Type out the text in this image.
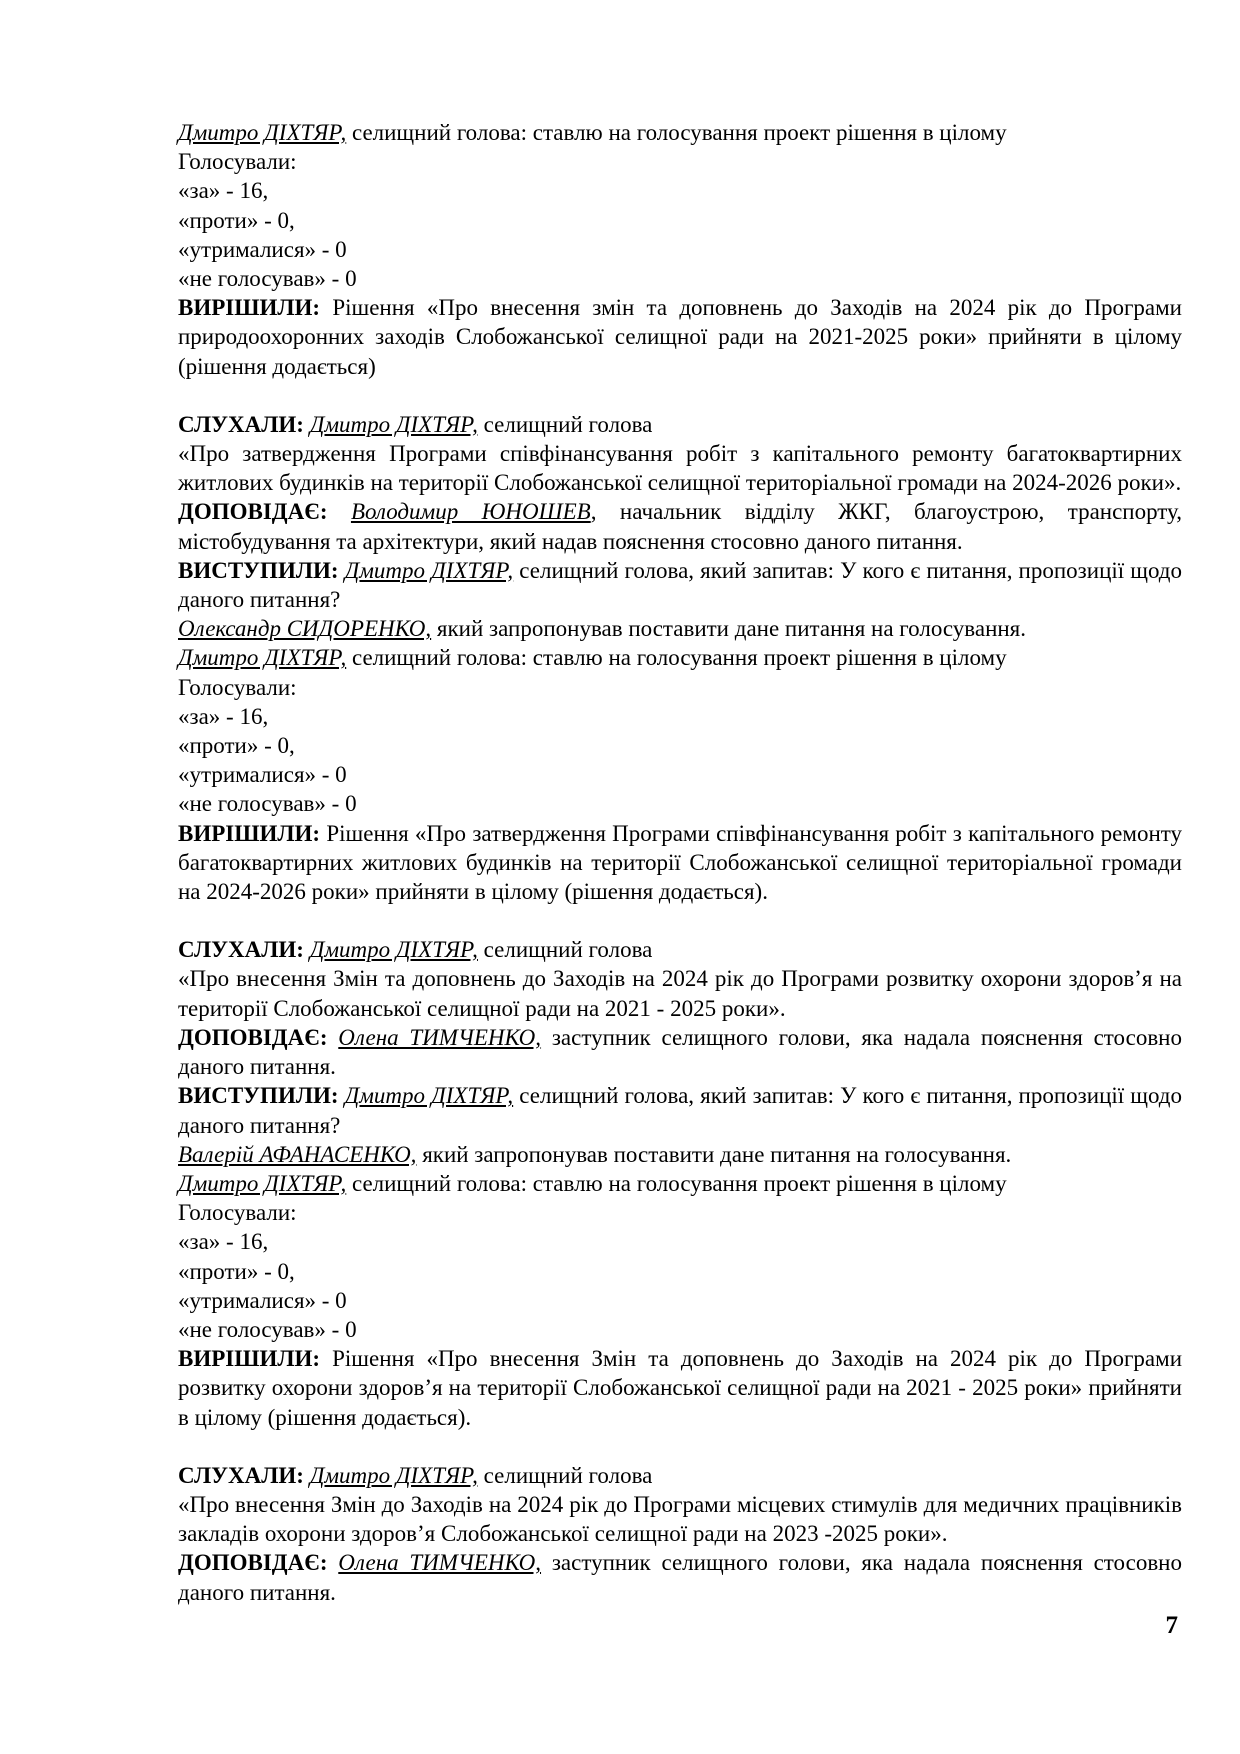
Дмитро ДІХТЯР, селищний голова: ставлю на голосування проект рішення в цілому

Голосували:

«за» - 16,

«проти» - 0,

«утрималися» - 0

«не голосував» - 0

ВИРІШИЛИ: Рішення «Про внесення змін та доповнень до Заходів на 2024 рік до Програми природоохоронних заходів Слобожанської селищної ради на 2021-2025 роки» прийняти в цілому (рішення додається)

СЛУХАЛИ: Дмитро ДІХТЯР, селищний голова

«Про затвердження Програми співфінансування робіт з капітального ремонту багатоквартирних житлових будинків на території Слобожанської селищної територіальної громади на 2024-2026 роки».

ДОПОВІДАЄ: Володимир ЮНОШЕВ, начальник відділу ЖКГ, благоустрою, транспорту, містобудування та архітектури, який надав пояснення стосовно даного питання.

ВИСТУПИЛИ: Дмитро ДІХТЯР, селищний голова, який запитав: У кого є питання, пропозиції щодо даного питання?

Олександр СИДОРЕНКО, який запропонував поставити дане питання на голосування.

Дмитро ДІХТЯР, селищний голова: ставлю на голосування проект рішення в цілому

Голосували:

«за» - 16,

«проти» - 0,

«утрималися» - 0

«не голосував» - 0

ВИРІШИЛИ: Рішення «Про затвердження Програми співфінансування робіт з капітального ремонту багатоквартирних житлових будинків на території Слобожанської селищної територіальної громади на 2024-2026 роки» прийняти в цілому (рішення додається).

СЛУХАЛИ: Дмитро ДІХТЯР, селищний голова

«Про внесення Змін та доповнень до Заходів на 2024 рік до Програми розвитку охорони здоров’я на території Слобожанської селищної ради на 2021 - 2025 роки».

ДОПОВІДАЄ: Олена ТИМЧЕНКО, заступник селищного голови, яка надала пояснення стосовно даного питання.

ВИСТУПИЛИ: Дмитро ДІХТЯР, селищний голова, який запитав: У кого є питання, пропозиції щодо даного питання?

Валерій АФАНАСЕНКО, який запропонував поставити дане питання на голосування.

Дмитро ДІХТЯР, селищний голова: ставлю на голосування проект рішення в цілому

Голосували:

«за» - 16,

«проти» - 0,

«утрималися» - 0

«не голосував» - 0

ВИРІШИЛИ: Рішення «Про внесення Змін та доповнень до Заходів на 2024 рік до Програми розвитку охорони здоров’я на території Слобожанської селищної ради на 2021 - 2025 роки» прийняти в цілому (рішення додається).

СЛУХАЛИ: Дмитро ДІХТЯР, селищний голова

«Про внесення Змін до Заходів на 2024 рік до Програми місцевих стимулів для медичних працівників закладів охорони здоров’я Слобожанської селищної ради на 2023 -2025 роки».

ДОПОВІДАЄ: Олена ТИМЧЕНКО, заступник селищного голови, яка надала пояснення стосовно даного питання.

7
